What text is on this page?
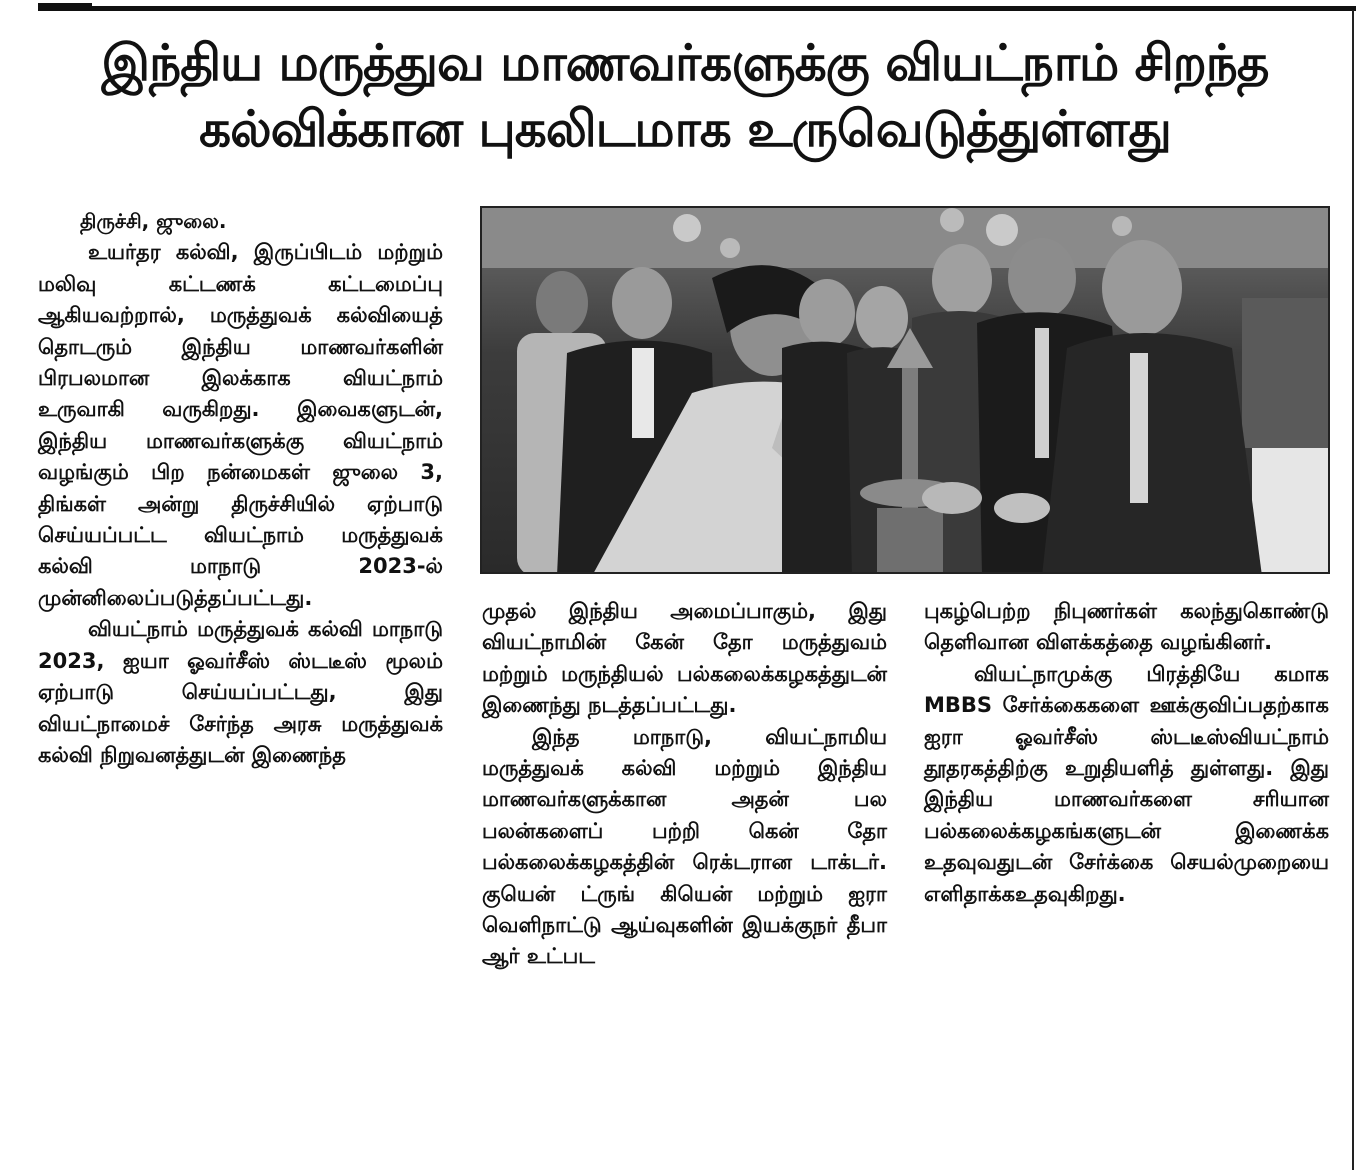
இந்திய மருத்துவ மாணவர்களுக்கு வியட்நாம் சிறந்த
கல்விக்கான புகலிடமாக உருவெடுத்துள்ளது

திருச்சி, ஜுலை.

உயர்தர கல்வி, இருப்பிடம் மற்றும் மலிவு கட்டணக் கட்டமைப்பு ஆகியவற்றால், மருத்துவக் கல்வியைத் தொடரும் இந்திய மாணவர்களின் பிரபலமான இலக்காக வியட்நாம் உருவாகி வருகிறது. இவைகளுடன், இந்திய மாணவர்களுக்கு வியட்நாம் வழங்கும் பிற நன்மைகள் ஜுலை 3, திங்கள் அன்று திருச்சியில் ஏற்பாடு செய்யப்பட்ட வியட்நாம் மருத்துவக் கல்வி மாநாடு 2023-ல் முன்னிலைப்படுத்தப்பட்டது.

வியட்நாம் மருத்துவக் கல்வி மாநாடு 2023, ஐயா ஓவர்சீஸ் ஸ்டடீஸ் மூலம் ஏற்பாடு செய்யப்பட்டது, இது வியட்நாமைச் சேர்ந்த அரசு மருத்துவக் கல்வி நிறுவனத்துடன் இணைந்த

முதல் இந்திய அமைப்பாகும், இது வியட்நாமின் கேன் தோ மருத்துவம் மற்றும் மருந்தியல் பல்கலைக்கழகத்துடன் இணைந்து நடத்தப்பட்டது.

இந்த மாநாடு, வியட்நாமிய மருத்துவக் கல்வி மற்றும் இந்திய மாணவர்களுக்கான அதன் பல பலன்களைப் பற்றி கென் தோ பல்கலைக்கழகத்தின் ரெக்டரான டாக்டர். குயென் ட்ருங் கியென் மற்றும் ஐரா வெளிநாட்டு ஆய்வுகளின் இயக்குநர் தீபா ஆர் உட்பட

புகழ்பெற்ற நிபுணர்கள் கலந்துகொண்டு தெளிவான விளக்கத்தை வழங்கினர்.

வியட்நாமுக்கு பிரத்தியே கமாக MBBS சேர்க்கைகளை ஊக்குவிப்பதற்காக ஐரா ஓவர்சீஸ் ஸ்டடீஸ்வியட்நாம் தூதரகத்திற்கு உறுதியளித் துள்ளது. இது இந்திய மாணவர்களை சரியான பல்கலைக்கழகங்களுடன் இணைக்க உதவுவதுடன் சேர்க்கை செயல்முறையை எளிதாக்கஉதவுகிறது.
